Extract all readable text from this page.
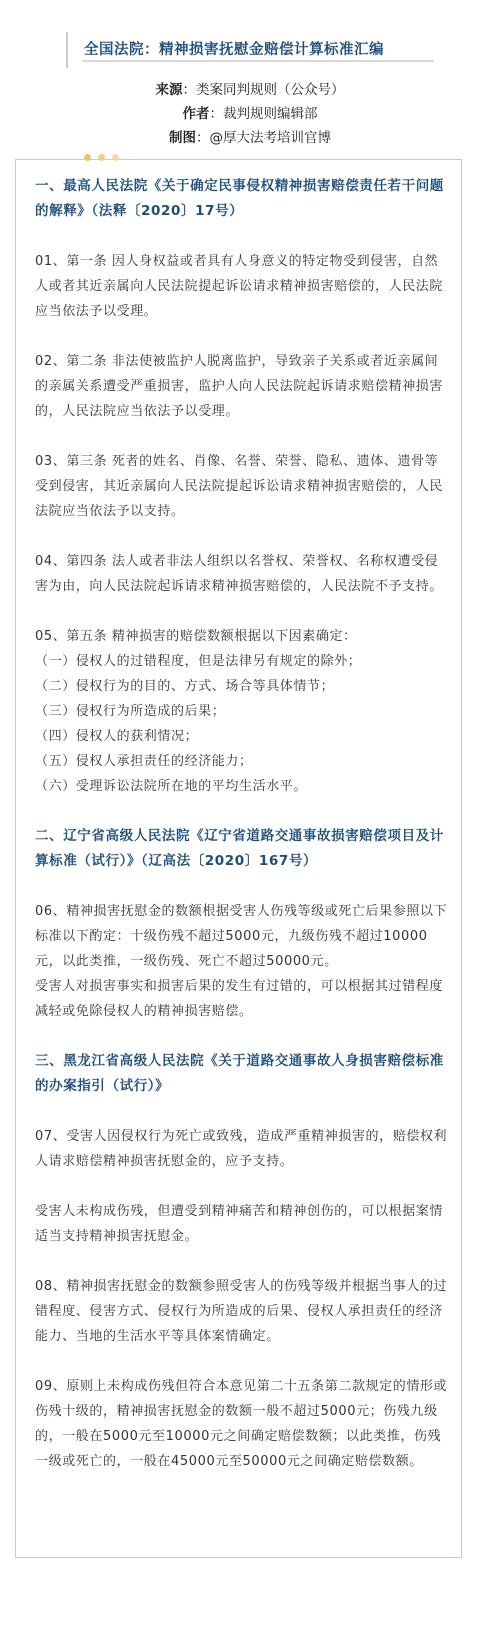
全国法院：精神损害抚慰金赔偿计算标准汇编
来源：类案同判规则（公众号）
作者：裁判规则编辑部
制图：@厚大法考培训官博

一、最高人民法院《关于确定民事侵权精神损害赔偿责任若干问题的解释》（法释〔2020〕17号）

01、第一条 因人身权益或者具有人身意义的特定物受到侵害，自然人或者其近亲属向人民法院提起诉讼请求精神损害赔偿的，人民法院应当依法予以受理。

02、第二条 非法使被监护人脱离监护，导致亲子关系或者近亲属间的亲属关系遭受严重损害，监护人向人民法院起诉请求赔偿精神损害的，人民法院应当依法予以受理。

03、第三条 死者的姓名、肖像、名誉、荣誉、隐私、遗体、遗骨等受到侵害，其近亲属向人民法院提起诉讼请求精神损害赔偿的，人民法院应当依法予以支持。

04、第四条 法人或者非法人组织以名誉权、荣誉权、名称权遭受侵害为由，向人民法院起诉请求精神损害赔偿的，人民法院不予支持。

05、第五条 精神损害的赔偿数额根据以下因素确定：

（一）侵权人的过错程度，但是法律另有规定的除外；

（二）侵权行为的目的、方式、场合等具体情节；

（三）侵权行为所造成的后果；

（四）侵权人的获利情况；

（五）侵权人承担责任的经济能力；

（六）受理诉讼法院所在地的平均生活水平。

二、辽宁省高级人民法院《辽宁省道路交通事故损害赔偿项目及计算标准（试行）》（辽高法〔2020〕167号）

06、精神损害抚慰金的数额根据受害人伤残等级或死亡后果参照以下标准以下酌定：十级伤残不超过5000元，九级伤残不超过10000元，以此类推，一级伤残、死亡不超过50000元。

受害人对损害事实和损害后果的发生有过错的，可以根据其过错程度减轻或免除侵权人的精神损害赔偿。

三、黑龙江省高级人民法院《关于道路交通事故人身损害赔偿标准的办案指引（试行）》

07、受害人因侵权行为死亡或致残，造成严重精神损害的，赔偿权利人请求赔偿精神损害抚慰金的，应予支持。

受害人未构成伤残，但遭受到精神痛苦和精神创伤的，可以根据案情适当支持精神损害抚慰金。

08、精神损害抚慰金的数额参照受害人的伤残等级并根据当事人的过错程度、侵害方式、侵权行为所造成的后果、侵权人承担责任的经济能力、当地的生活水平等具体案情确定。

09、原则上未构成伤残但符合本意见第二十五条第二款规定的情形或伤残十级的，精神损害抚慰金的数额一般不超过5000元；伤残九级的，一般在5000元至10000元之间确定赔偿数额；以此类推，伤残一级或死亡的，一般在45000元至50000元之间确定赔偿数额。
